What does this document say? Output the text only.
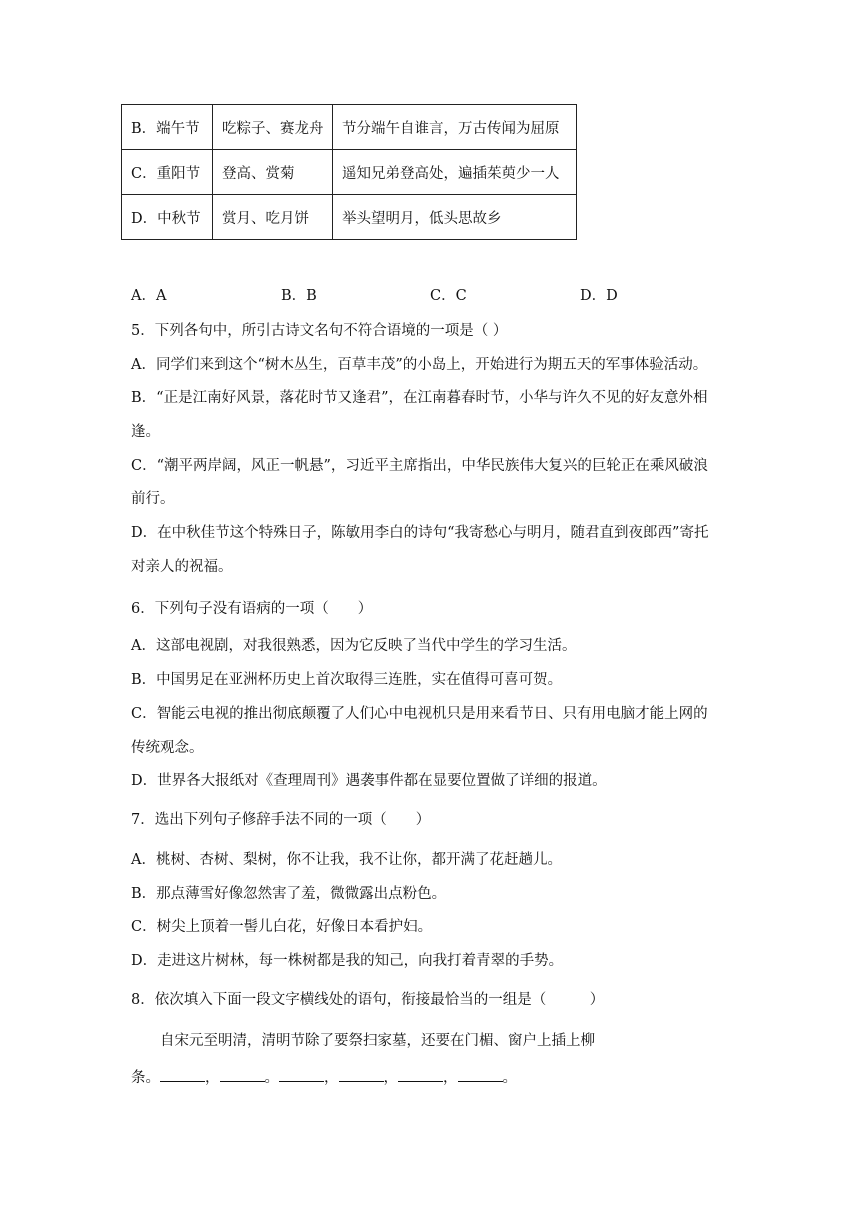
B．端午节	吃粽子、赛龙舟	节分端午自谁言，万古传闻为屈原
C．重阳节	登高、赏菊	遥知兄弟登高处，遍插茱萸少一人
D．中秋节	赏月、吃月饼	举头望明月，低头思故乡
A．A	B．B	C．C	D．D
5．下列各句中，所引古诗文名句不符合语境的一项是（ ）
A．同学们来到这个“树木丛生，百草丰茂”的小岛上，开始进行为期五天的军事体验活动。
B．“正是江南好风景，落花时节又逢君”，在江南暮春时节，小华与许久不见的好友意外相
逢。
C．“潮平两岸阔，风正一帆悬”，习近平主席指出，中华民族伟大复兴的巨轮正在乘风破浪
前行。
D．在中秋佳节这个特殊日子，陈敏用李白的诗句“我寄愁心与明月，随君直到夜郎西”寄托
对亲人的祝福。
6．下列句子没有语病的一项（　　）
A．这部电视剧，对我很熟悉，因为它反映了当代中学生的学习生活。
B．中国男足在亚洲杯历史上首次取得三连胜，实在值得可喜可贺。
C．智能云电视的推出彻底颠覆了人们心中电视机只是用来看节日、只有用电脑才能上网的
传统观念。
D．世界各大报纸对《查理周刊》遇袭事件都在显要位置做了详细的报道。
7．选出下列句子修辞手法不同的一项（　　）
A．桃树、杏树、梨树，你不让我，我不让你，都开满了花赶趟儿。
B．那点薄雪好像忽然害了羞，微微露出点粉色。
C．树尖上顶着一髻儿白花，好像日本看护妇。
D．走进这片树林，每一株树都是我的知己，向我打着青翠的手势。
8．依次填入下面一段文字横线处的语句，衔接最恰当的一组是（　　　）
自宋元至明清，清明节除了要祭扫家墓，还要在门楣、窗户上插上柳
条。	，	。	，	，	，	。
